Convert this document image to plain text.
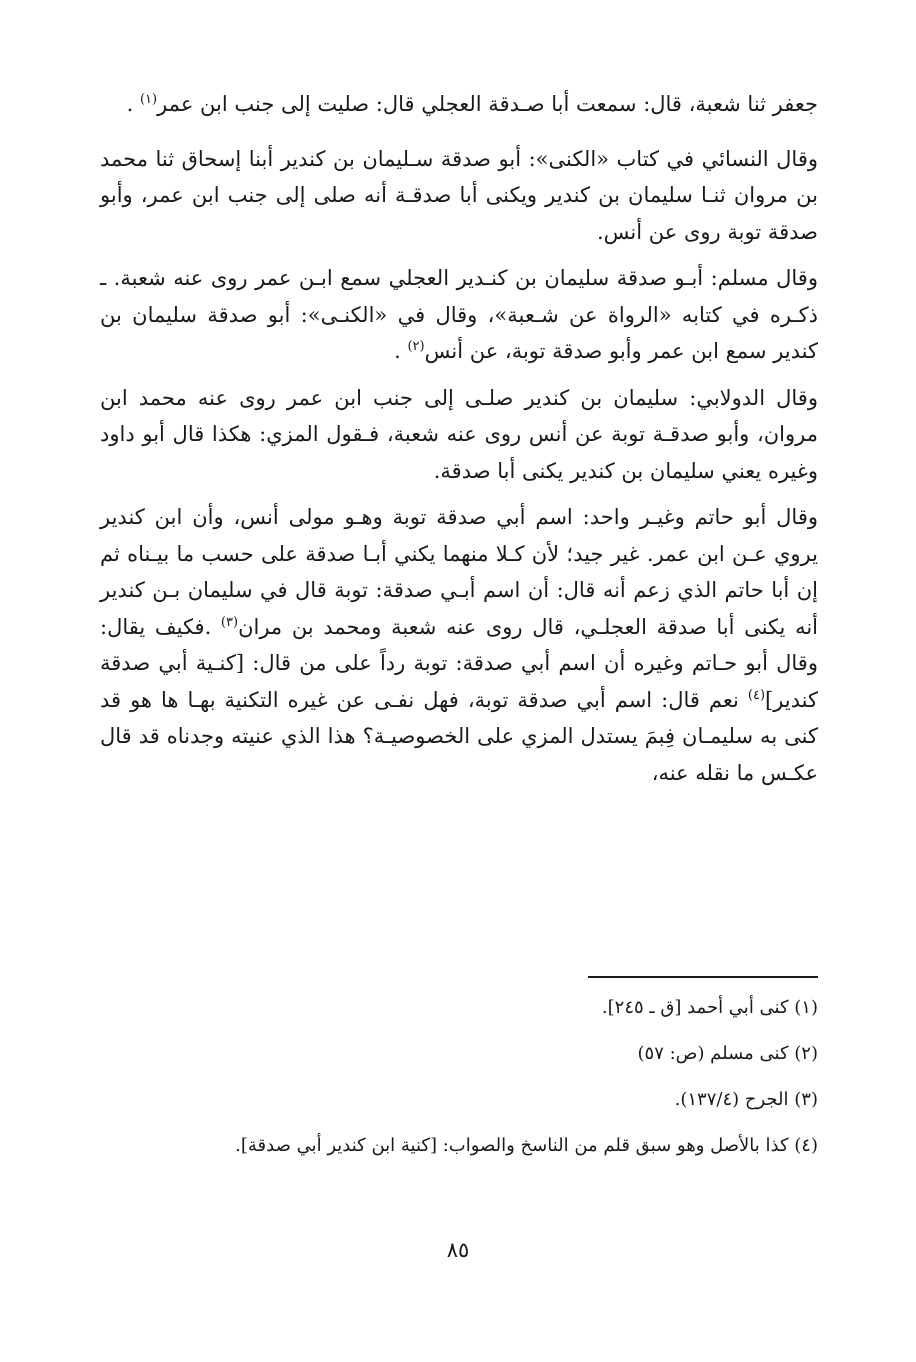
جعفر ثنا شعبة، قال: سمعت أبا صـدقة العجلي قال: صليت إلى جنب ابن عمر$^{(١)}$ .

وقال النسائي في كتاب «الكنى»: أبو صدقة سـليمان بن كندير أبنا إسحاق ثنا محمد بن مروان ثنـا سليمان بن كندير ويكنى أبا صدقـة أنه صلى إلى جنب ابن عمر، وأبو صدقة توبة روى عن أنس.

وقال مسلم: أبـو صدقة سليمان بن كنـدير العجلي سمع ابـن عمر روى عنه شعبة. ـ ذكـره في كتابه «الرواة عن شـعبة»، وقال في «الكنـى»: أبو صدقة سليمان بن كندير سمع ابن عمر وأبو صدقة توبة، عن أنس$^{(٢)}$ .

وقال الدولابي: سليمان بن كندير صلـى إلى جنب ابن عمر روى عنه محمد ابن مروان، وأبو صدقـة توبة عن أنس روى عنه شعبة، فـقول المزي: هكذا قال أبو داود وغيره يعني سليمان بن كندير يكنى أبا صدقة.

وقال أبو حاتم وغيـر واحد: اسم أبي صدقة توبة وهـو مولى أنس، وأن ابن كندير يروي عـن ابن عمر. غير جيد؛ لأن كـلا منهما يكني أبـا صدقة على حسب ما بيـناه ثم إن أبا حاتم الذي زعم أنه قال: أن اسم أبـي صدقة: توبة قال في سليمان بـن كندير أنه يكنى أبا صدقة العجلـي، قال روى عنه شعبة ومحمد بن مران$^{(٣)}$ .فكيف يقال: وقال أبو حـاتم وغيره أن اسم أبي صدقة: توبة رداً على من قال: [كنـية أبي صدقة كندير]$^{(٤)}$ نعم قال: اسم أبي صدقة توبة، فهل نفـى عن غيره التكنية بهـا ها هو قد كنى به سليمـان فِبمَ يستدل المزي على الخصوصيـة؟ هذا الذي عنيته وجدناه قد قال عكـس ما نقله عنه،

(١) كنى أبي أحمد [ق ـ ٢٤٥].
(٢) كنى مسلم (ص: ٥٧)
(٣) الجرح (١٣٧/٤).
(٤) كذا بالأصل وهو سبق قلم من الناسخ والصواب: [كنية ابن كندير أبي صدقة].
٨٥
